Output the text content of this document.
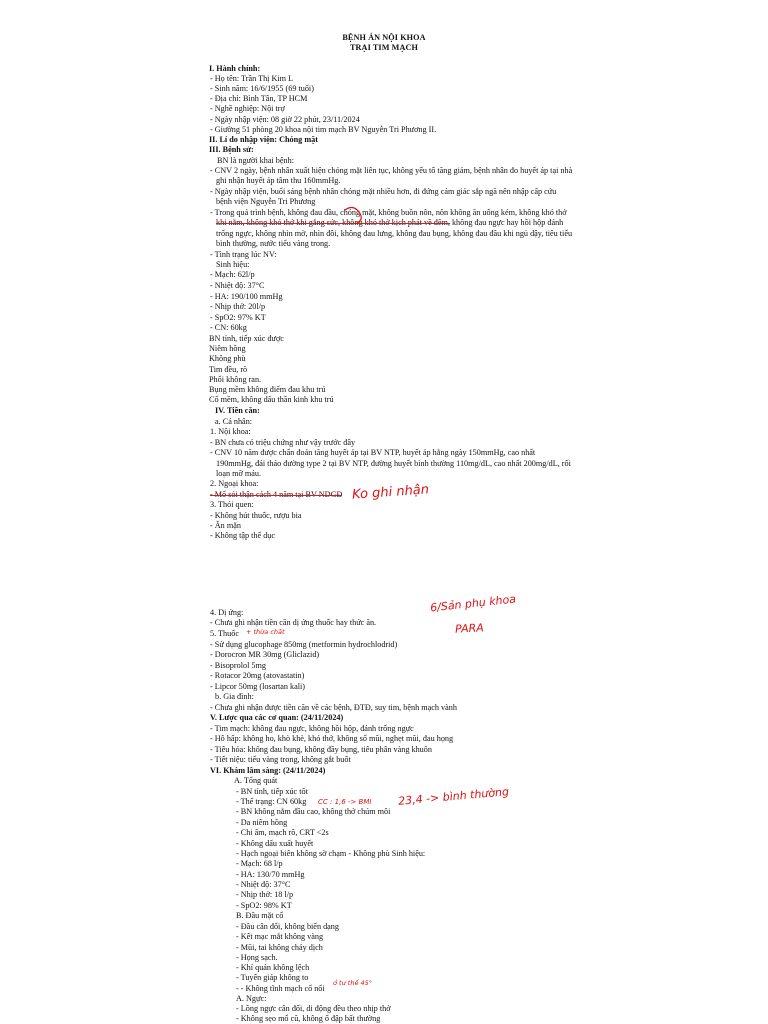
BỆNH ÁN NỘI KHOA
TRẠI TIM MẠCH
I. Hành chính:
- Họ tên: Trần Thị Kim L
- Sinh năm: 16/6/1955 (69 tuổi)
- Địa chỉ: Bình Tân, TP HCM
- Nghề nghiệp: Nội trợ
- Ngày nhập viện: 08 giờ 22 phút, 23/11/2024
- Giường 51 phòng 20 khoa nội tim mạch BV Nguyễn Tri Phương II.
II. Lí do nhập viện: Chóng mặt
III. Bệnh sử:
BN là người khai bệnh:
- CNV 2 ngày, bệnh nhân xuất hiện chóng mặt liên tục, không yếu tố tăng giảm, bệnh nhân đo huyết áp tại nhà
ghi nhận huyết áp tâm thu 160mmHg.
- Ngày nhập viện, buổi sáng bệnh nhân chóng mặt nhiều hơn, đi đứng cảm giác sắp ngã nên nhập cấp cứu
bệnh viện Nguyễn Tri Phương
- Trong quá trình bệnh, không đau đầu, chóng mặt, không buồn nôn, nôn không ăn uống kém, không khó thở
khi nằm, không khó thở khi gắng sức, không khó thở kịch phát về đêm, không đau ngực hay hồi hộp đánh
trống ngực, không nhìn mờ, nhìn đôi, không đau lưng, không đau bụng, không đau đầu khi ngủ dậy, tiêu tiểu
bình thường, nước tiểu vàng trong.
- Tình trạng lúc NV:
Sinh hiệu:
- Mạch: 62l/p
- Nhiệt độ: 37°C
- HA: 190/100 mmHg
- Nhịp thở: 20l/p
- SpO2: 97% KT
- CN: 60kg
BN tỉnh, tiếp xúc được
Niêm hồng
Không phù
Tim đều, rõ
Phổi không ran.
Bụng mềm không điểm đau khu trú
Cổ mềm, không dấu thần kinh khu trú
IV. Tiền căn:
a. Cá nhân:
1. Nội khoa:
- BN chưa có triệu chứng như vậy trước đây
- CNV 10 năm được chẩn đoán tăng huyết áp tại BV NTP, huyết áp hằng ngày 150mmHg, cao nhất
190mmHg, đái tháo đường type 2 tại BV NTP, đường huyết bình thường 110mg/dL, cao nhất 200mg/dL, rối
loạn mỡ máu.
2. Ngoại khoa:
- Mổ sỏi thận cách 4 năm tại BV NDGĐ
3. Thói quen:
- Không hút thuốc, rượu bia
- Ăn mặn
- Không tập thể dục
4. Dị ứng:
- Chưa ghi nhận tiền căn dị ứng thuốc hay thức ăn.
5. Thuốc
- Sử dụng glucophage 850mg (metformin hydrochlodrid)
- Dorocron MR 30mg (Gliclazid)
- Bisoprolol 5mg
- Rotacor 20mg (atovastatin)
- Lipcor 50mg (losartan kali)
b. Gia đình:
- Chưa ghi nhận được tiền căn về các bệnh, ĐTĐ, suy tim, bệnh mạch vành
V. Lược qua các cơ quan: (24/11/2024)
- Tim mạch: không đau ngực, không hồi hộp, đánh trống ngực
- Hô hấp: không ho, khò khè, khó thở, không sổ mũi, nghẹt mũi, đau họng
- Tiêu hóa: không đau bụng, không đầy bụng, tiêu phân vàng khuôn
- Tiết niệu: tiểu vàng trong, không gắt buốt
VI. Khám lâm sàng: (24/11/2024)
A. Tổng quát
- BN tỉnh, tiếp xúc tốt
- Thể trạng: CN 60kg
- BN không nằm đầu cao, không thở chúm môi
- Da niêm hồng
- Chi ấm, mạch rõ, CRT <2s
- Không dấu xuất huyết
- Hạch ngoại biên không sờ chạm - Không phù Sinh hiệu:
- Mạch: 68 l/p
- HA: 130/70 mmHg
- Nhiệt độ: 37°C
- Nhịp thở: 18 l/p
- SpO2: 98% KT
B. Đầu mặt cổ
- Đầu cân đối, không biến dạng
- Kết mạc mắt không vàng
- Mũi, tai không chảy dịch
- Họng sạch.
- Khí quản không lệch
- Tuyến giáp không to
- - Không tĩnh mạch cổ nổi
A. Ngực:
- Lồng ngực cân đối, di động đều theo nhịp thở
- Không sẹo mổ cũ, không ổ đập bất thường
Ko ghi nhận
6/Sản phụ khoa
PARA
+ thừa chất
CC : 1,6 -> BMI 23,4 -> bình thường
ở tư thế 45°
